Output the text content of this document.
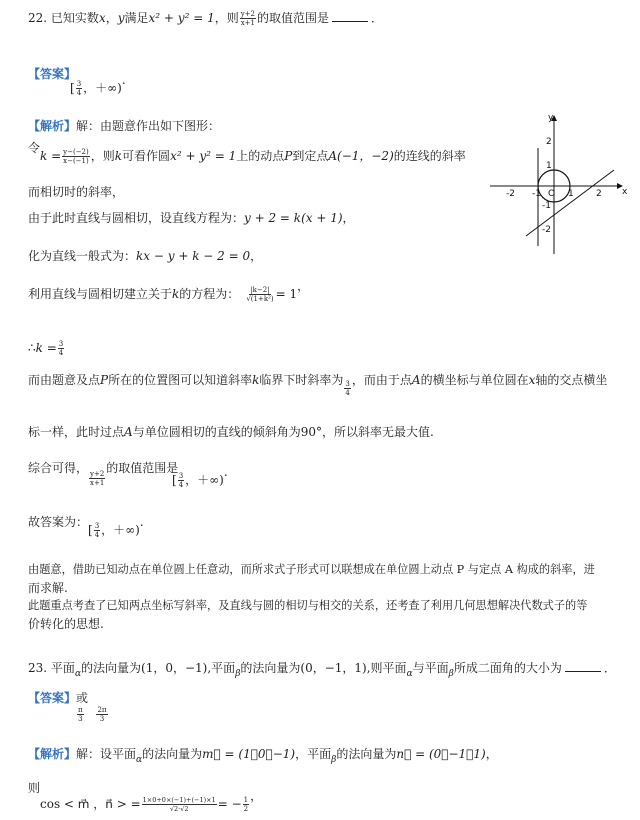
22. 已知实数x，y满足x² + y² = 1，则 $\frac{y+2}{x+1}$ 的取值范围是	．
【答案】
[ $\frac{3}{4}$ ，＋∞).
【解析】解：由题意作出如下图形：
令
$k = \frac{y-(-2)}{x-(-1)}$ ，则k可看作圆x² + y² = 1上的动点P到定点A(−1，−2)的连线的斜率
而相切时的斜率，
由于此时直线与圆相切，设直线方程为：y + 2 = k(x + 1)，
化为直线一般式为：kx − y + k − 2 = 0，
利用直线与圆相切建立关于k的方程为： $\frac{|k-2|}{\text{√(1+k²)}} = 1$，
∴k = $\frac{3}{4}$
而由题意及点P所在的位置图可以知道斜率k临界下时斜率为 $\frac{3}{4}$ ，而由于点A的横坐标与单位圆在x轴的交点横坐
标一样，此时过点A与单位圆相切的直线的倾斜角为90°，所以斜率无最大值.
综合可得，
$\frac{y+2}{x+1}$
的取值范围是
[ $\frac{3}{4}$ ，＋∞).
故答案为：
[ $\frac{3}{4}$ ，＋∞).
由题意，借助已知动点在单位圆上任意动，而所求式子形式可以联想成在单位圆上动点 P 与定点 A 构成的斜率，进
而求解.
此题重点考查了已知两点坐标写斜率，及直线与圆的相切与相交的关系，还考查了利用几何思想解决代数式子的等
价转化的思想.
x
y
-2 -1 O 1 2
2
1
-1
-2
23. 平面$_\alpha$的法向量为(1，0，−1),平面$_\beta$的法向量为(0，−1，1),则平面$_\alpha$与平面$_\beta$所成二面角的大小为	．
【答案】或
$\frac{\pi}{3}$
$\frac{2\pi}{3}$
【解析】解：设平面$_\alpha$的法向量为m⃗ = (1，0，−1)，平面$_\beta$的法向量为n⃗ = (0，−1，1)，
则
cos < m⃗ ，n⃗ > = $\frac{1\times 0+0\times(-1)+(-1)\times 1}{√2\cdot√2}$ = − $\frac{1}{2}$ ，
